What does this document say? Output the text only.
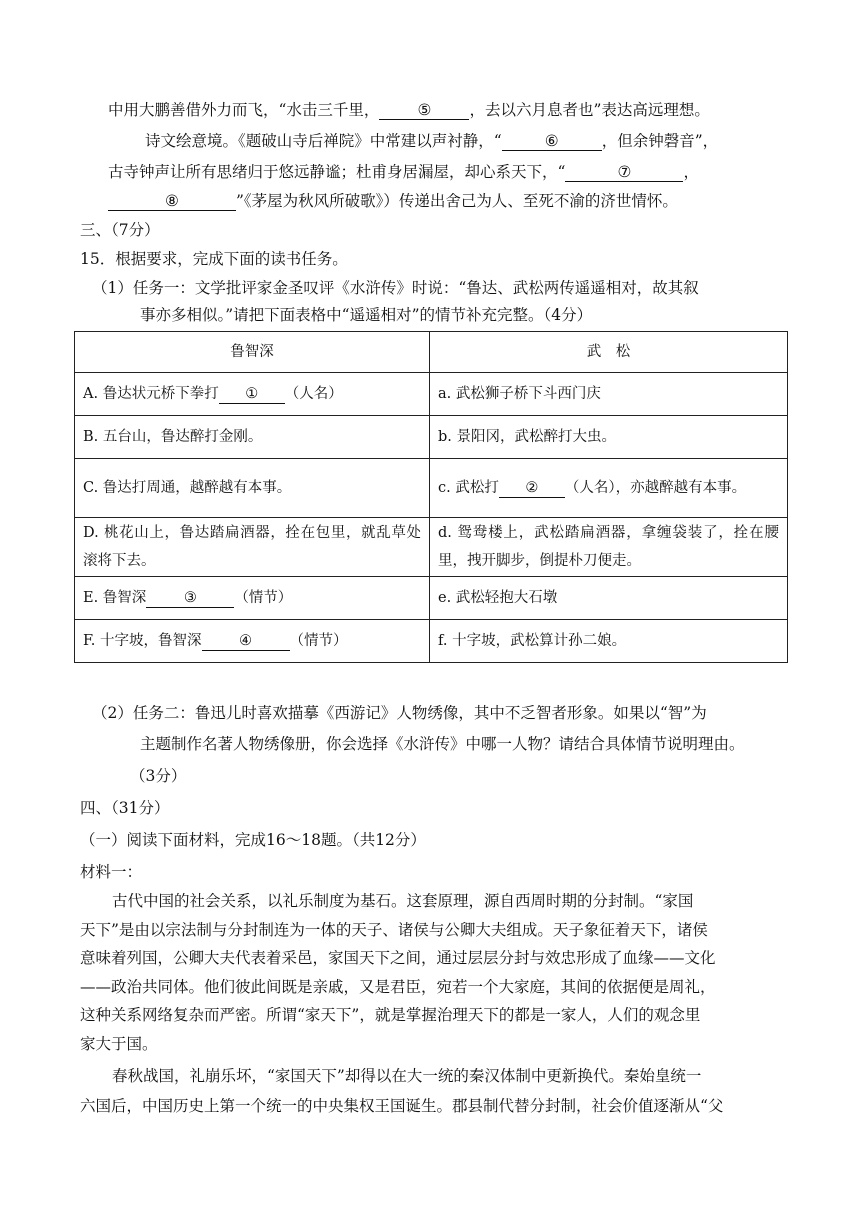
中用大鹏善借外力而飞，“水击三千里， ⑤ ，去以六月息者也”表达高远理想。
诗文绘意境。《题破山寺后禅院》中常建以声衬静，“	⑥	，但余钟磬音”，
古寺钟声让所有思绪归于悠远静谧；杜甫身居漏屋，却心系天下，“	⑦	，
⑧	”《茅屋为秋风所破歌》）传递出舍己为人、至死不渝的济世情怀。
三、（7分）
15．根据要求，完成下面的读书任务。
（1）任务一：文学批评家金圣叹评《水浒传》时说：“鲁达、武松两传遥遥相对，故其叙
事亦多相似。”请把下面表格中“遥遥相对”的情节补充完整。（4分）
鲁智深	武　松
A. 鲁达状元桥下拳打 ① （人名）	a. 武松狮子桥下斗西门庆
B. 五台山，鲁达醉打金刚。	b. 景阳冈，武松醉打大虫。
C. 鲁达打周通，越醉越有本事。	c. 武松打 ② （人名），亦越醉越有本事。
D. 桃花山上，鲁达踏扁酒器，拴在包里，就乱草处滚将下去。	d. 鸳鸯楼上，武松踏扁酒器，拿缠袋装了，拴在腰里，拽开脚步，倒提朴刀便走。
E. 鲁智深 ③ （情节）	e. 武松轻抱大石墩
F. 十字坡，鲁智深 ④ （情节）	f. 十字坡，武松算计孙二娘。
（2）任务二：鲁迅儿时喜欢描摹《西游记》人物绣像，其中不乏智者形象。如果以“智”为
主题制作名著人物绣像册，你会选择《水浒传》中哪一人物？请结合具体情节说明理由。
（3分）
四、（31分）
（一）阅读下面材料，完成16～18题。（共12分）
材料一：
古代中国的社会关系，以礼乐制度为基石。这套原理，源自西周时期的分封制。“家国
天下”是由以宗法制与分封制连为一体的天子、诸侯与公卿大夫组成。天子象征着天下，诸侯
意味着列国，公卿大夫代表着采邑，家国天下之间，通过层层分封与效忠形成了血缘——文化
——政治共同体。他们彼此间既是亲戚，又是君臣，宛若一个大家庭，其间的依据便是周礼，
这种关系网络复杂而严密。所谓“家天下”，就是掌握治理天下的都是一家人，人们的观念里
家大于国。
春秋战国，礼崩乐坏，“家国天下”却得以在大一统的秦汉体制中更新换代。秦始皇统一
六国后，中国历史上第一个统一的中央集权王国诞生。郡县制代替分封制，社会价值逐渐从“父
